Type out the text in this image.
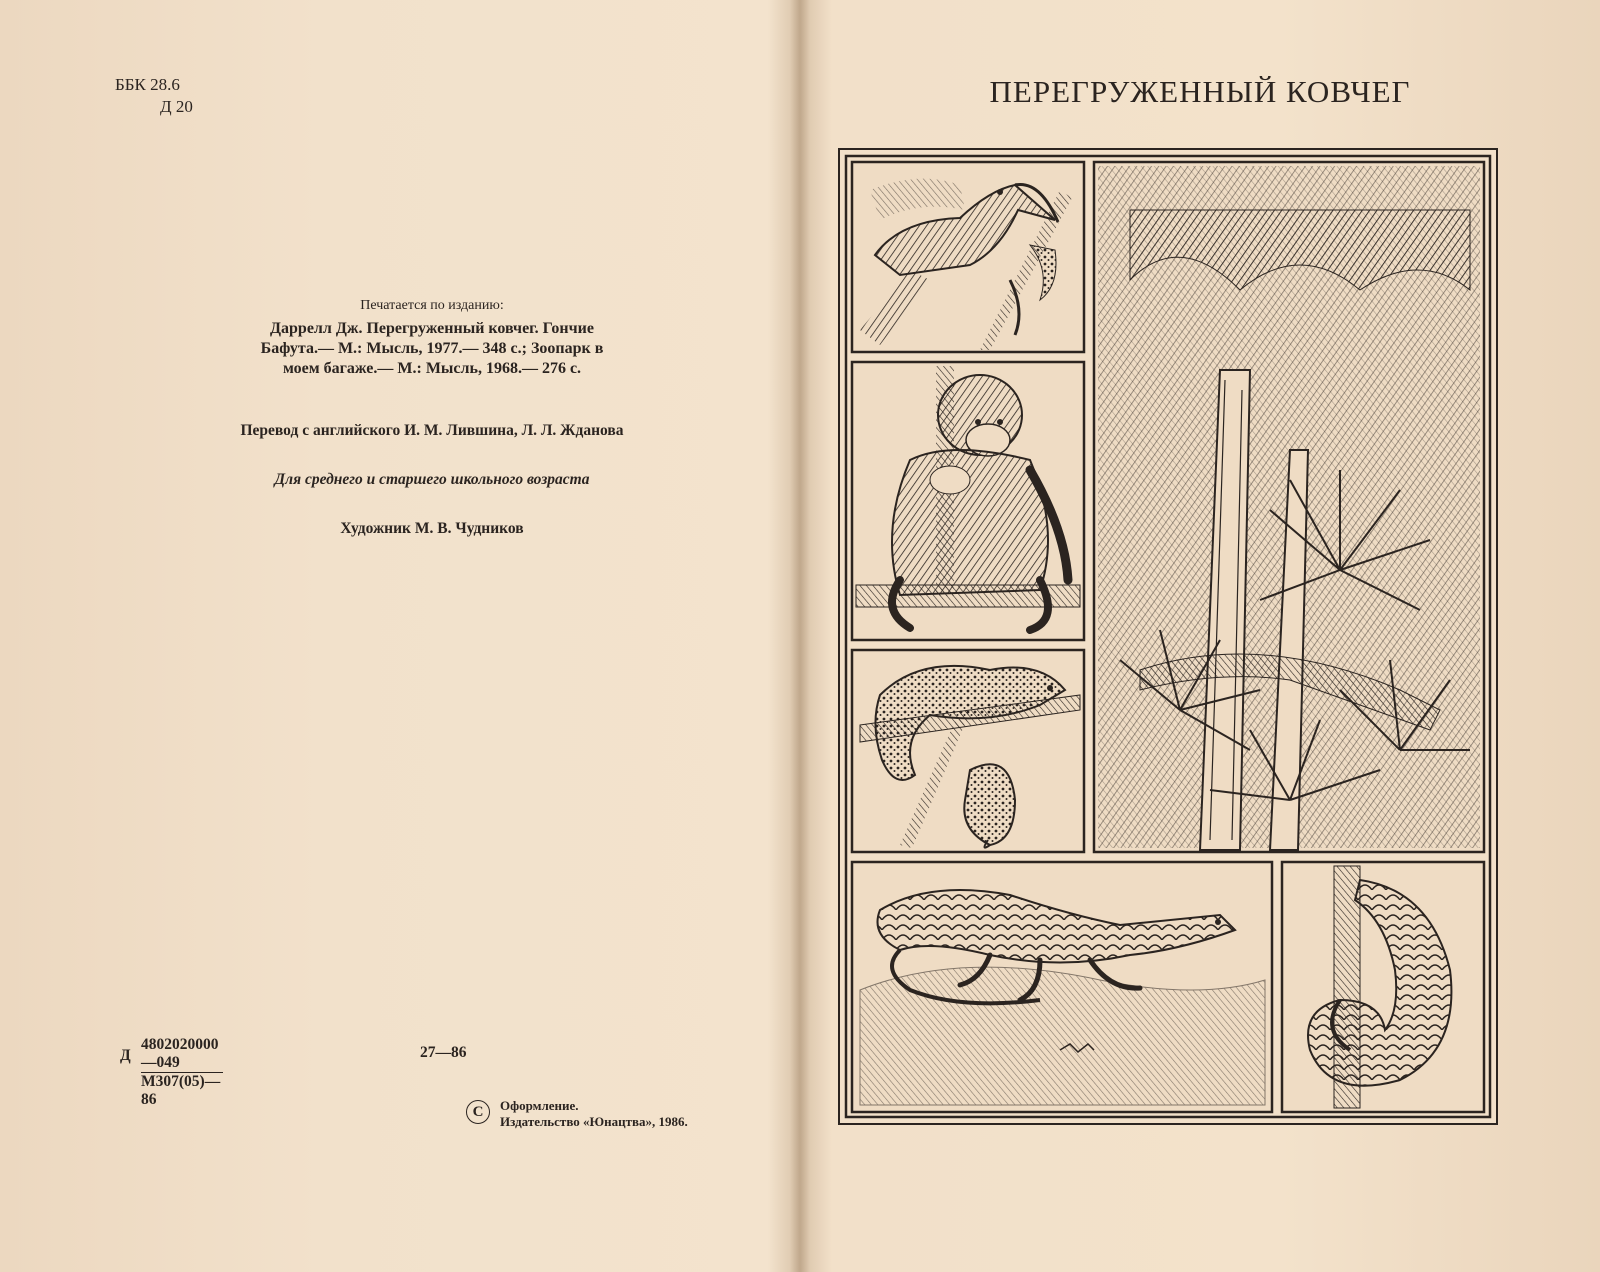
ББК 28.6
Д 20
Печатается по изданию:
Даррелл Дж. Перегруженный ковчег. Гончие
Бафута.— М.: Мысль, 1977.— 348 с.; Зоопарк в
моем багаже.— М.: Мысль, 1968.— 276 с.
Перевод с английского И. М. Лившина, Л. Л. Жданова
Для среднего и старшего школьного возраста
Художник М. В. Чудников
Д
4802020000—049
М307(05)—86
27—86
C	Оформление.
Издательство «Юнацтва», 1986.
ПЕРЕГРУЖЕННЫЙ КОВЧЕГ
